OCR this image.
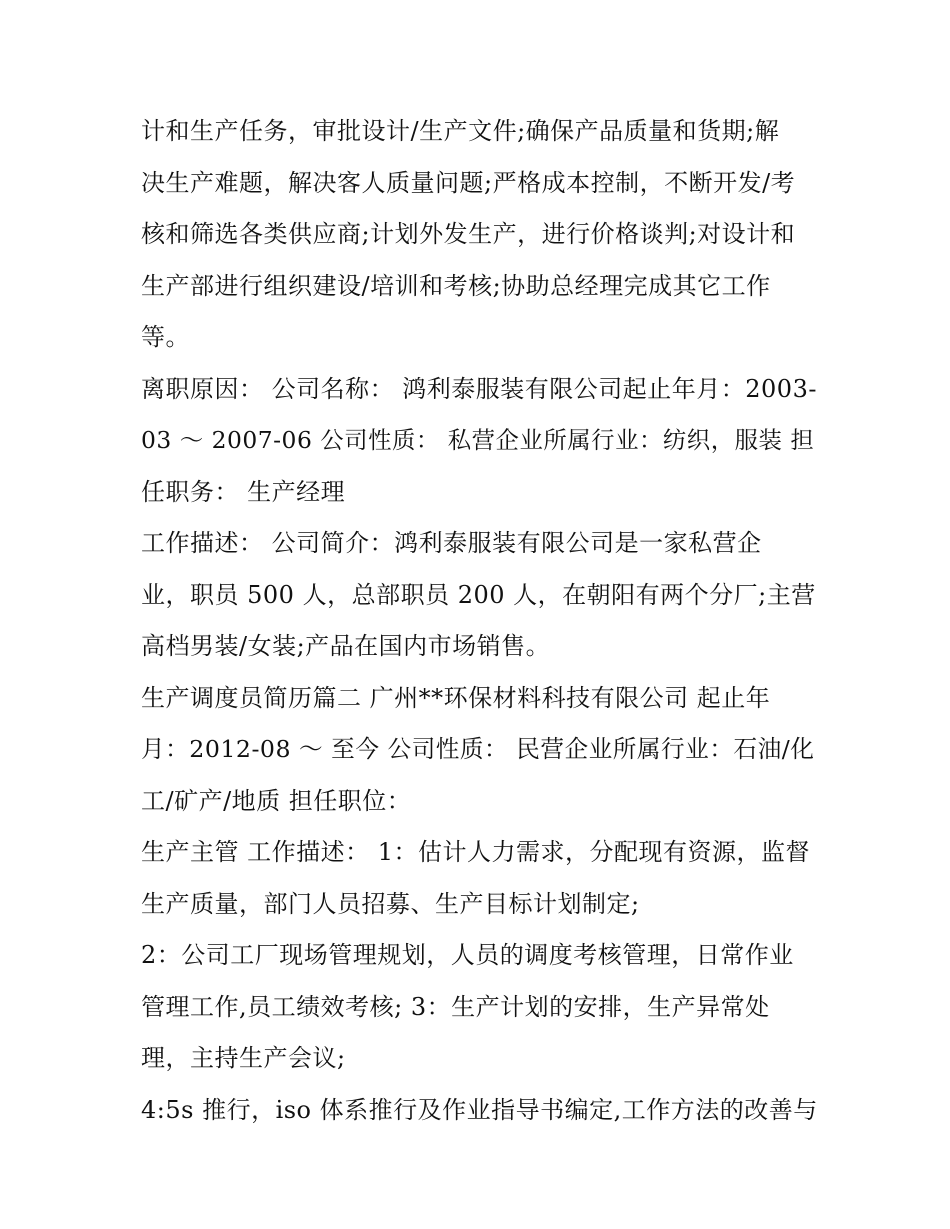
计和生产任务，审批设计/生产文件;确保产品质量和货期;解
决生产难题，解决客人质量问题;严格成本控制，不断开发/考
核和筛选各类供应商;计划外发生产，进行价格谈判;对设计和
生产部进行组织建设/培训和考核;协助总经理完成其它工作
等。

离职原因： 公司名称： 鸿利泰服装有限公司起止年月：2003-
03 ～ 2007-06 公司性质： 私营企业所属行业：纺织，服装 担
任职务： 生产经理

工作描述： 公司简介：鸿利泰服装有限公司是一家私营企
业，职员 500 人，总部职员 200 人，在朝阳有两个分厂;主营
高档男装/女装;产品在国内市场销售。

生产调度员简历篇二 广州**环保材料科技有限公司 起止年
月：2012-08 ～ 至今 公司性质： 民营企业所属行业：石油/化
工/矿产/地质 担任职位：

生产主管 工作描述： 1：估计人力需求，分配现有资源，监督
生产质量，部门人员招募、生产目标计划制定;

2：公司工厂现场管理规划，人员的调度考核管理，日常作业
管理工作,员工绩效考核; 3：生产计划的安排，生产异常处
理，主持生产会议;

4:5s 推行，iso 体系推行及作业指导书编定,工作方法的改善与
